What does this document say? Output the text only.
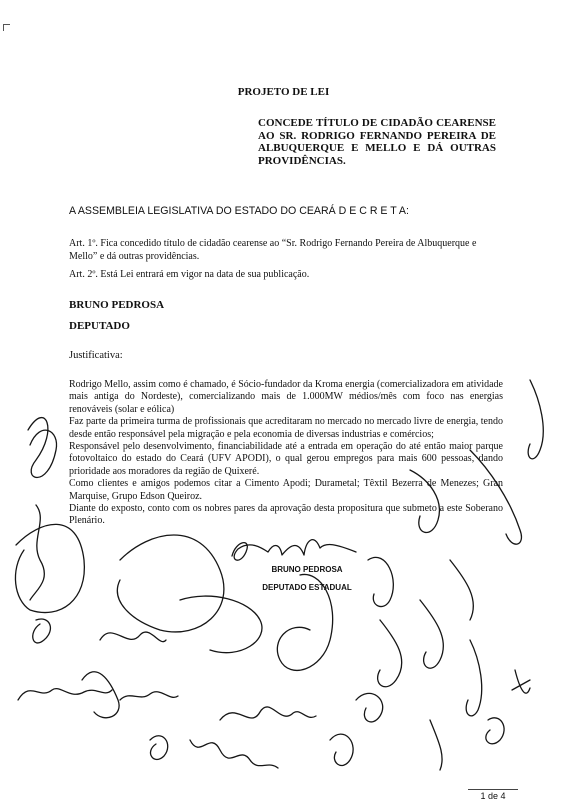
PROJETO DE LEI
CONCEDE TÍTULO DE CIDADÃO CEARENSE AO SR. RODRIGO FERNANDO PEREIRA DE ALBUQUERQUE E MELLO E DÁ OUTRAS PROVIDÊNCIAS.
A ASSEMBLEIA LEGISLATIVA DO ESTADO DO CEARÁ D E C R E T A:
Art. 1º. Fica concedido título de cidadão cearense ao “Sr. Rodrigo Fernando Pereira de Albuquerque e Mello” e dá outras providências.
Art. 2º. Está Lei entrará em vigor na data de sua publicação.
BRUNO PEDROSA
DEPUTADO
Justificativa:

Rodrigo Mello, assim como é chamado, é Sócio-fundador da Kroma energia (comercializadora em atividade mais antiga do Nordeste), comercializando mais de 1.000MW médios/mês com foco nas energias renováveis (solar e eólica)

Faz parte da primeira turma de profissionais que acreditaram no mercado no mercado livre de energia, tendo desde então responsável pela migração e pela economia de diversas industrias e comércios;

Responsável pelo desenvolvimento, financiabilidade até a entrada em operação do até então maior parque fotovoltaico do estado do Ceará (UFV APODI), o qual gerou empregos para mais 600 pessoas, dando prioridade aos moradores da região de Quixeré.

Como clientes e amigos podemos citar a Cimento Apodi; Durametal; Têxtil Bezerra de Menezes; Gran Marquise, Grupo Edson Queiroz.

Diante do exposto, conto com os nobres pares da aprovação desta propositura que submeto a este Soberano Plenário.

BRUNO PEDROSA
DEPUTADO ESTADUAL
1 de 4
